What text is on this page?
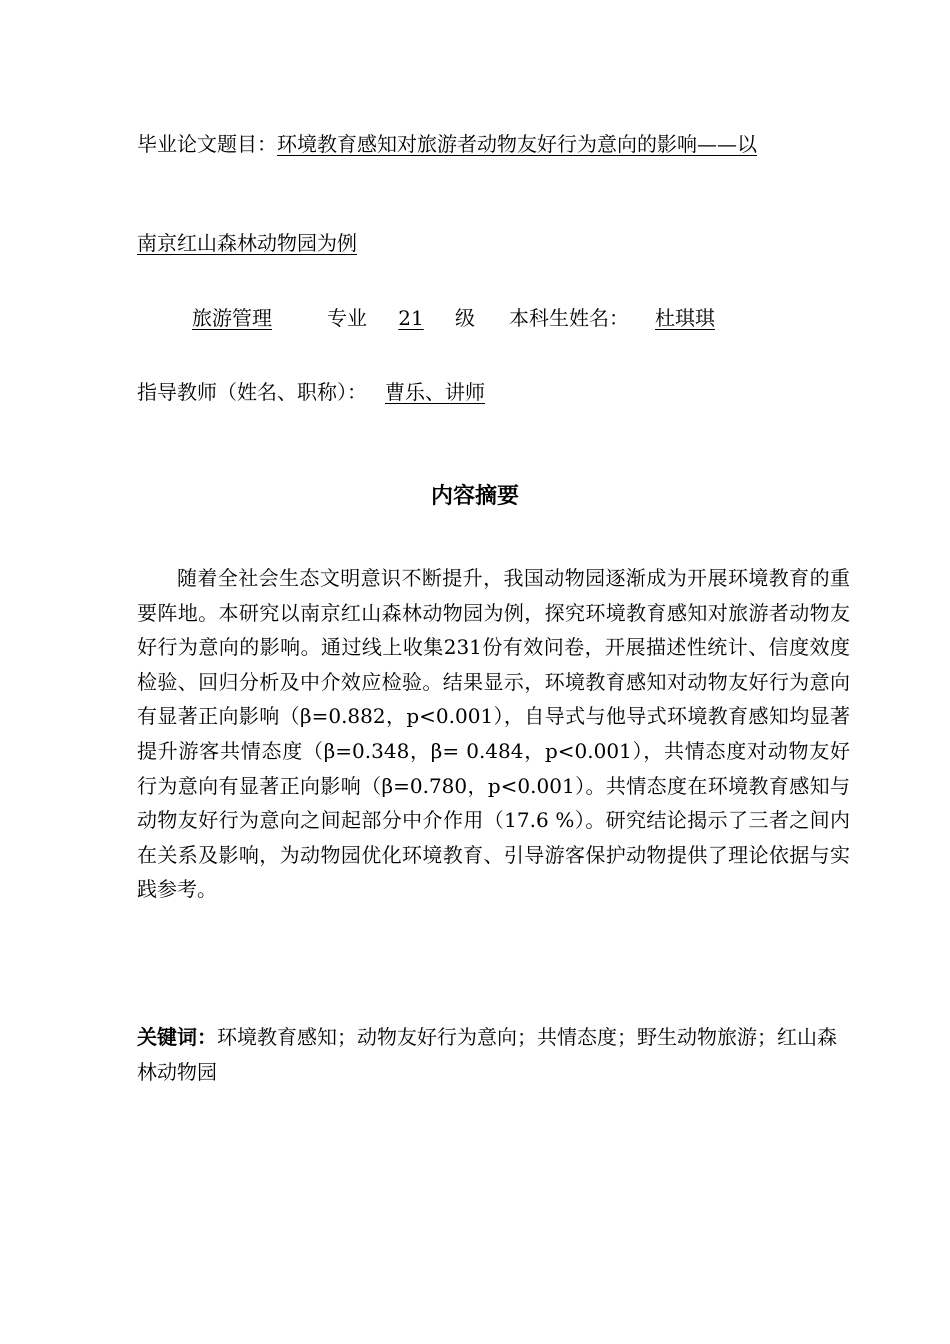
毕业论文题目：环境教育感知对旅游者动物友好行为意向的影响——以
南京红山森林动物园为例
旅游管理	专业 21 级 本科生姓名： 杜琪琪
指导教师（姓名、职称）： 曹乐、讲师
内容摘要

随着全社会生态文明意识不断提升，我国动物园逐渐成为开展环境教育的重要阵地。本研究以南京红山森林动物园为例，探究环境教育感知对旅游者动物友好行为意向的影响。通过线上收集231份有效问卷，开展描述性统计、信度效度检验、回归分析及中介效应检验。结果显示，环境教育感知对动物友好行为意向有显著正向影响（β=0.882，p<0.001），自导式与他导式环境教育感知均显著提升游客共情态度（β=0.348，β= 0.484，p<0.001），共情态度对动物友好行为意向有显著正向影响（β=0.780，p<0.001）。共情态度在环境教育感知与动物友好行为意向之间起部分中介作用（17.6 %）。研究结论揭示了三者之间内在关系及影响，为动物园优化环境教育、引导游客保护动物提供了理论依据与实践参考。

关键词：环境教育感知；动物友好行为意向；共情态度；野生动物旅游；红山森林动物园
